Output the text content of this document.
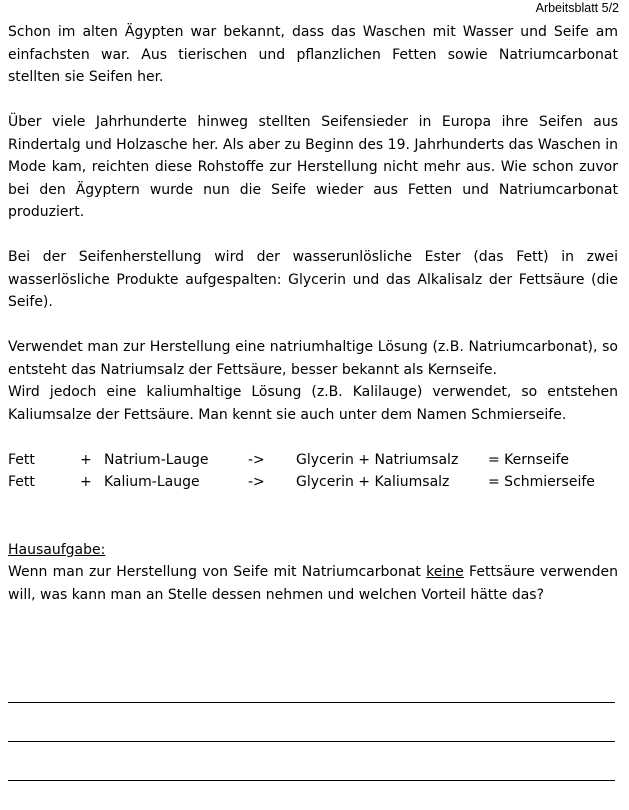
Arbeitsblatt 5/2

Schon im alten Ägypten war bekannt, dass das Waschen mit Wasser und Seife am einfachsten war. Aus tierischen und pflanzlichen Fetten sowie Natriumcarbonat stellten sie Seifen her.

Über viele Jahrhunderte hinweg stellten Seifensieder in Europa ihre Seifen aus Rindertalg und Holzasche her. Als aber zu Beginn des 19. Jahrhunderts das Waschen in Mode kam, reichten diese Rohstoffe zur Herstellung nicht mehr aus. Wie schon zuvor bei den Ägyptern wurde nun die Seife wieder aus Fetten und Natriumcarbonat produziert.

Bei der Seifenherstellung wird der wasserunlösliche Ester (das Fett) in zwei wasserlösliche Produkte aufgespalten: Glycerin und das Alkalisalz der Fettsäure (die Seife).

Verwendet man zur Herstellung eine natriumhaltige Lösung (z.B. Natriumcarbonat), so entsteht das Natriumsalz der Fettsäure, besser bekannt als Kernseife.

Wird jedoch eine kaliumhaltige Lösung (z.B. Kalilauge) verwendet, so entstehen Kaliumsalze der Fettsäure. Man kennt sie auch unter dem Namen Schmierseife.

Fett	+ Natrium-Lauge	->	Glycerin + Natriumsalz	= Kernseife
Fett	+ Kalium-Lauge	->	Glycerin + Kaliumsalz	= Schmierseife
Hausaufgabe:

Wenn man zur Herstellung von Seife mit Natriumcarbonat keine Fettsäure verwenden will, was kann man an Stelle dessen nehmen und welchen Vorteil hätte das?
